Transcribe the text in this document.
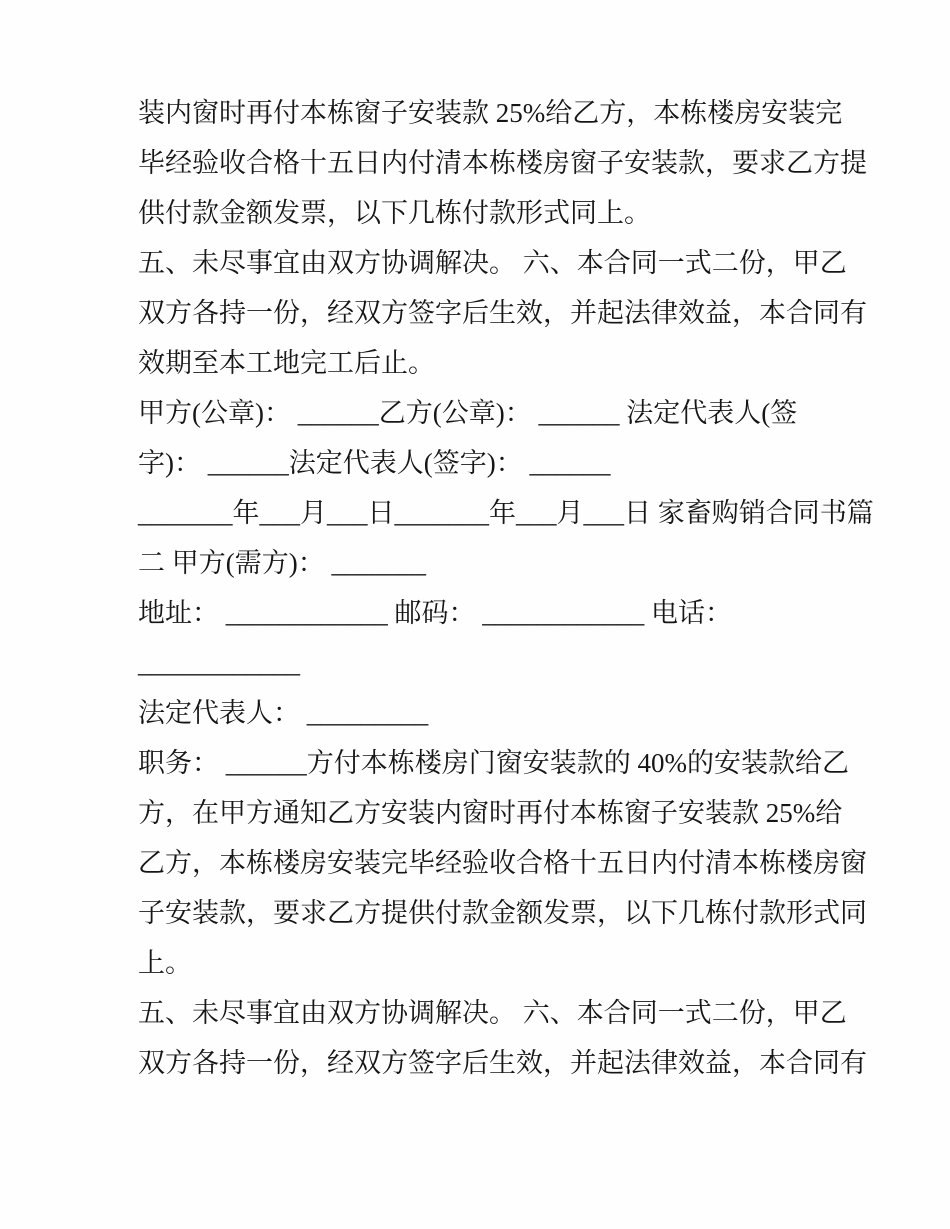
装内窗时再付本栋窗子安装款 25%给乙方，本栋楼房安装完
毕经验收合格十五日内付清本栋楼房窗子安装款，要求乙方提
供付款金额发票，以下几栋付款形式同上。
五、未尽事宜由双方协调解决。 六、本合同一式二份，甲乙
双方各持一份，经双方签字后生效，并起法律效益，本合同有
效期至本工地完工后止。
甲方(公章)： ______乙方(公章)： ______ 法定代表人(签
字)： ______法定代表人(签字)： ______
_______年___月___日_______年___月___日 家畜购销合同书篇
二 甲方(需方)： _______
地址： ____________ 邮码： ____________ 电话：
____________
法定代表人： _________
职务： ______方付本栋楼房门窗安装款的 40%的安装款给乙
方，在甲方通知乙方安装内窗时再付本栋窗子安装款 25%给
乙方，本栋楼房安装完毕经验收合格十五日内付清本栋楼房窗
子安装款，要求乙方提供付款金额发票，以下几栋付款形式同
上。
五、未尽事宜由双方协调解决。 六、本合同一式二份，甲乙
双方各持一份，经双方签字后生效，并起法律效益，本合同有
